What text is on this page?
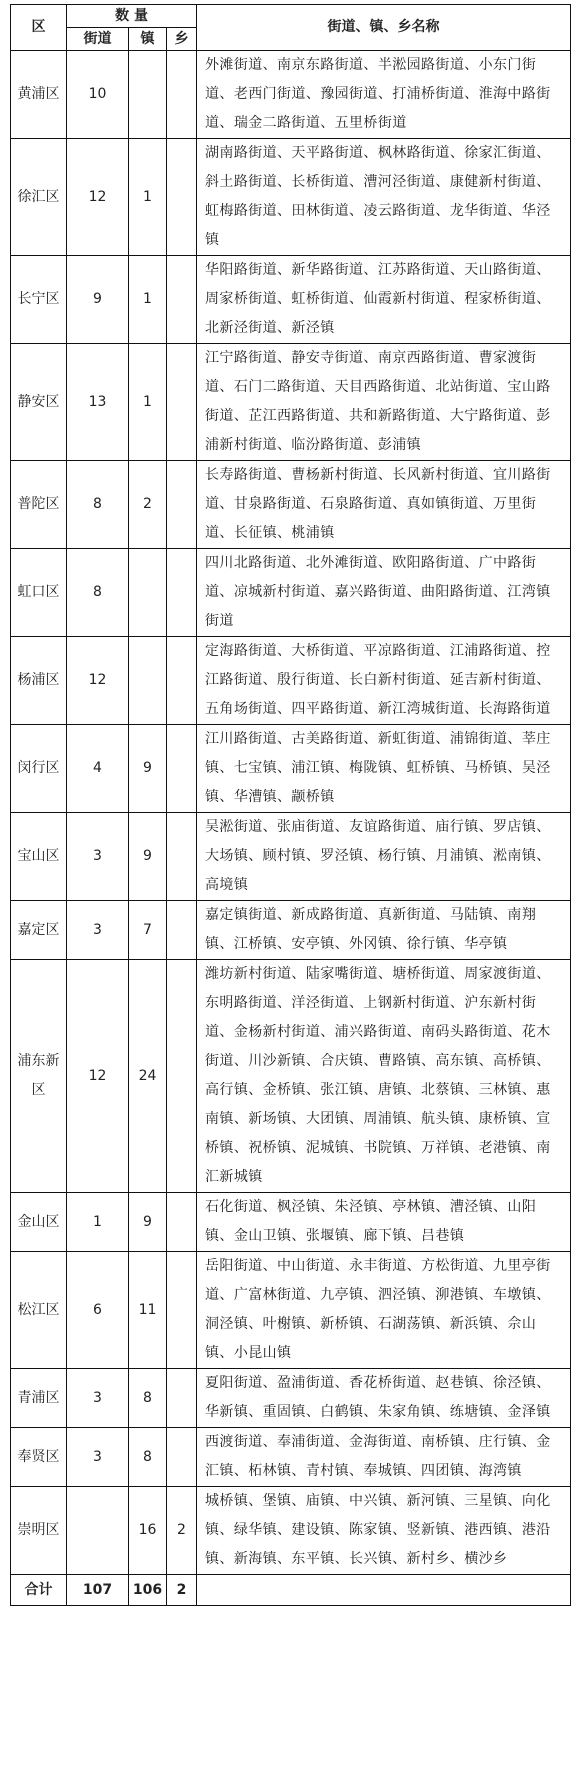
区	数 量			街道、镇、乡名称
	街道	镇	乡	
黄浦区	10			外滩街道、南京东路街道、半淞园路街道、小东门街道、老西门街道、豫园街道、打浦桥街道、淮海中路街道、瑞金二路街道、五里桥街道
徐汇区	12	1		湖南路街道、天平路街道、枫林路街道、徐家汇街道、斜土路街道、长桥街道、漕河泾街道、康健新村街道、虹梅路街道、田林街道、凌云路街道、龙华街道、华泾镇
长宁区	9	1		华阳路街道、新华路街道、江苏路街道、天山路街道、周家桥街道、虹桥街道、仙霞新村街道、程家桥街道、北新泾街道、新泾镇
静安区	13	1		江宁路街道、静安寺街道、南京西路街道、曹家渡街道、石门二路街道、天目西路街道、北站街道、宝山路街道、芷江西路街道、共和新路街道、大宁路街道、彭浦新村街道、临汾路街道、彭浦镇
普陀区	8	2		长寿路街道、曹杨新村街道、长风新村街道、宜川路街道、甘泉路街道、石泉路街道、真如镇街道、万里街道、长征镇、桃浦镇
虹口区	8			四川北路街道、北外滩街道、欧阳路街道、广中路街道、凉城新村街道、嘉兴路街道、曲阳路街道、江湾镇街道
杨浦区	12			定海路街道、大桥街道、平凉路街道、江浦路街道、控江路街道、殷行街道、长白新村街道、延吉新村街道、五角场街道、四平路街道、新江湾城街道、长海路街道
闵行区	4	9		江川路街道、古美路街道、新虹街道、浦锦街道、莘庄镇、七宝镇、浦江镇、梅陇镇、虹桥镇、马桥镇、吴泾镇、华漕镇、颛桥镇
宝山区	3	9		吴淞街道、张庙街道、友谊路街道、庙行镇、罗店镇、大场镇、顾村镇、罗泾镇、杨行镇、月浦镇、淞南镇、高境镇
嘉定区	3	7		嘉定镇街道、新成路街道、真新街道、马陆镇、南翔镇、江桥镇、安亭镇、外冈镇、徐行镇、华亭镇
浦东新区	12	24		潍坊新村街道、陆家嘴街道、塘桥街道、周家渡街道、东明路街道、洋泾街道、上钢新村街道、沪东新村街道、金杨新村街道、浦兴路街道、南码头路街道、花木街道、川沙新镇、合庆镇、曹路镇、高东镇、高桥镇、高行镇、金桥镇、张江镇、唐镇、北蔡镇、三林镇、惠南镇、新场镇、大团镇、周浦镇、航头镇、康桥镇、宣桥镇、祝桥镇、泥城镇、书院镇、万祥镇、老港镇、南汇新城镇
金山区	1	9		石化街道、枫泾镇、朱泾镇、亭林镇、漕泾镇、山阳镇、金山卫镇、张堰镇、廊下镇、吕巷镇
松江区	6	11		岳阳街道、中山街道、永丰街道、方松街道、九里亭街道、广富林街道、九亭镇、泗泾镇、泖港镇、车墩镇、洞泾镇、叶榭镇、新桥镇、石湖荡镇、新浜镇、佘山镇、小昆山镇
青浦区	3	8		夏阳街道、盈浦街道、香花桥街道、赵巷镇、徐泾镇、华新镇、重固镇、白鹤镇、朱家角镇、练塘镇、金泽镇
奉贤区	3	8		西渡街道、奉浦街道、金海街道、南桥镇、庄行镇、金汇镇、柘林镇、青村镇、奉城镇、四团镇、海湾镇
崇明区		16	2	城桥镇、堡镇、庙镇、中兴镇、新河镇、三星镇、向化镇、绿华镇、建设镇、陈家镇、竖新镇、港西镇、港沿镇、新海镇、东平镇、长兴镇、新村乡、横沙乡
合计	107	106	2	
